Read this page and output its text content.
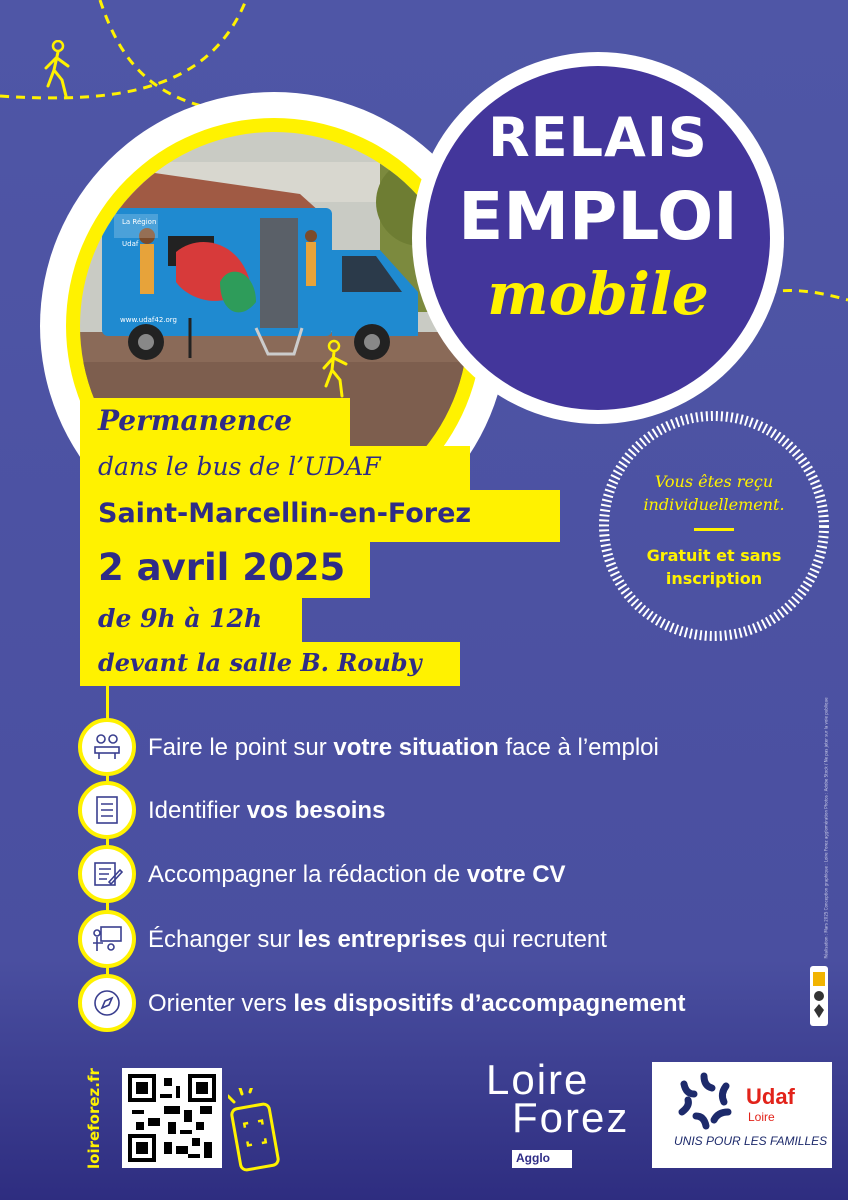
La Région
Udaf
www.udaf42.org
RELAIS
EMPLOI
mobile
Permanence
dans le bus de l’UDAF
Saint-Marcellin-en-Forez
2 avril 2025
de 9h à 12h
devant la salle B. Rouby
Vous êtes reçu
individuellement.
Gratuit et sans
inscription
Faire le point sur votre situation face à l’emploi
Identifier vos besoins
Accompagner la rédaction de votre CV
Échanger sur les entreprises qui recrutent
Orienter vers les dispositifs d’accompagnement
Réalisation : Mars 2025 Conception graphique : Loire Forez agglomération Photos : Adobe Stock / Ne pas jeter sur la voie publique
loireforez.fr	Loire
Forez
Agglo
Udaf
Loire
UNIS POUR LES FAMILLES
